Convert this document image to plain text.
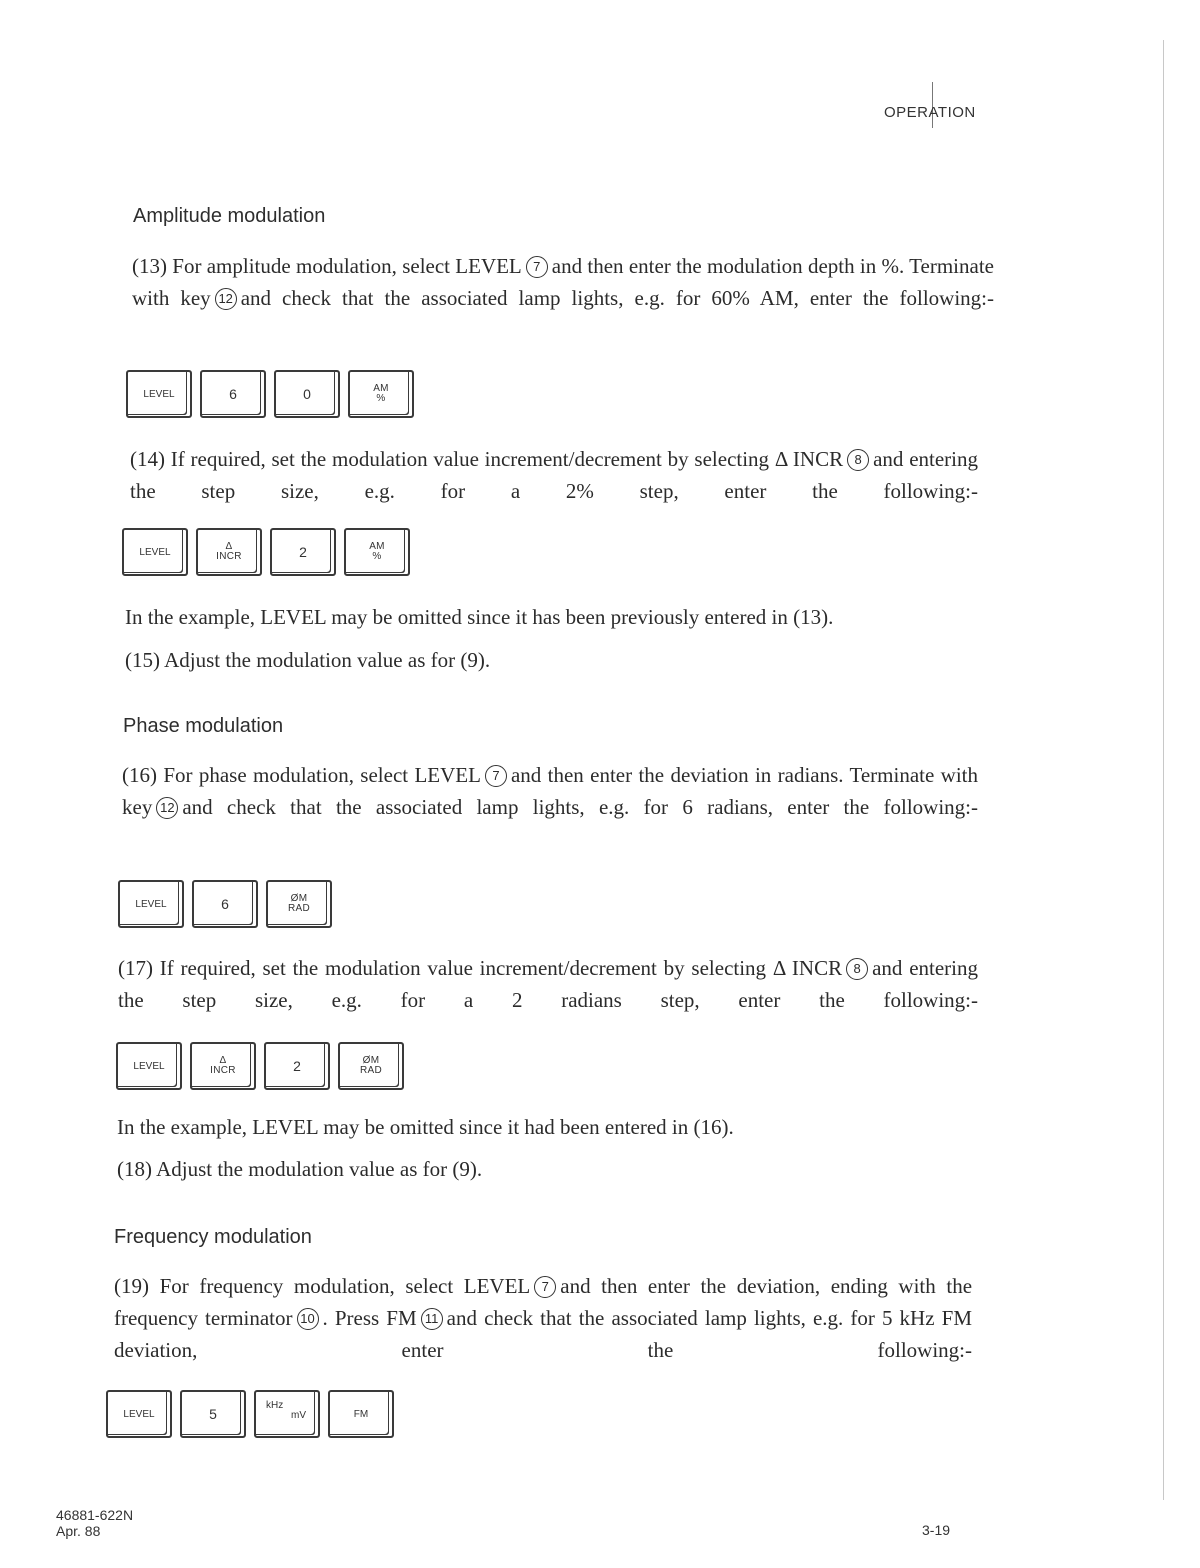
OPERATION
Amplitude modulation

(13) For amplitude modulation, select LEVEL 7 and then enter the modulation depth in %. Terminate with key 12 and check that the associated lamp lights, e.g. for 60% AM, enter the following:-

LEVEL	6	0	AM
%

(14) If required, set the modulation value increment/decrement by selecting Δ INCR 8 and entering the step size, e.g. for a 2% step, enter the following:-

LEVEL	Δ
INCR	2	AM
%
In the example, LEVEL may be omitted since it has been previously entered in (13).
(15) Adjust the modulation value as for (9).
Phase modulation

(16) For phase modulation, select LEVEL 7 and then enter the deviation in radians. Terminate with key 12 and check that the associated lamp lights, e.g. for 6 radians, enter the following:-

LEVEL	6	ØM
RAD

(17) If required, set the modulation value increment/decrement by selecting Δ INCR 8 and entering the step size, e.g. for a 2 radians step, enter the following:-

LEVEL	Δ
INCR	2	ØM
RAD
In the example, LEVEL may be omitted since it had been entered in (16).
(18) Adjust the modulation value as for (9).
Frequency modulation

(19) For frequency modulation, select LEVEL 7 and then enter the deviation, ending with the frequency terminator 10 . Press FM 11 and check that the associated lamp lights, e.g. for 5 kHz FM deviation, enter the following:-

LEVEL	5
kHz
mV	FM
46881-622N
Apr. 88	3-19
